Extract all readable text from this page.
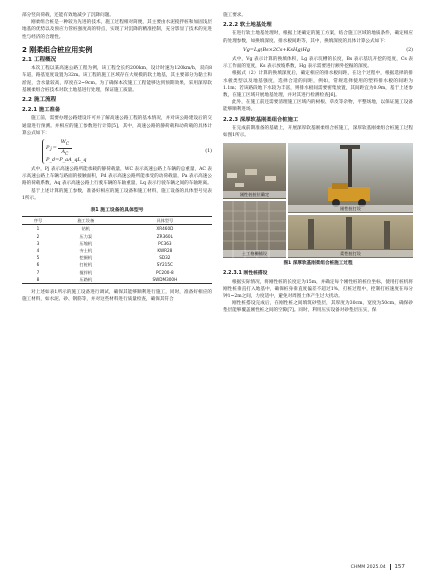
部分竖向荷载，还能有效地减少了沉降问题。

刚柔组合桩是一种较为先进的技术，施工过程相对简便，其主要由水泥搅拌桩和加固浅层地基的优势以及预应力管桩强度高的特点，实现了对沉降的精准控制，充分影显了技术的先进性与经济的合理性。

2 刚柔组合桩应用实例
2.1 工程概况

本次工程以某高速公路工程为例，该工程全长约200km，设计时速为120km/h，双向8车道，路基宽度设置为32m。该工程的施工区域存在大规模的软土地基，其主要部分为黏土和淤泥，含水量较高，厚度在2~9cm。为了确保本次施工工程能够达到预期效果，采用深厚软基刚柔组合桩技术对软土地基进行处理，保证施工质量。

2.2 施工流程
2.2.1 施工准备

施工前，需要办理公路建设许可并了解高速公路工程的基本情况，并对该公路建设后的交通量进行预测。并相应的施工参数进行计算[5]，其中，高速公路的静荷载和动荷载的具体计算公式如下：

P $j = \frac{W_C}{A_C}$
P_d=P_aA_qL_q
(1)

式中，Pj 表示高速公路所能承载的静荷载量，WC 表示高速公路上车辆的总重量，AC 表示高速公路上车辆与路面的接触面积，Pd 表示高速公路所能承受的动荷载量，Pa 表示高速公路的荷载系数，Aq 表示高速公路上行驶车辆的车轴重量，Lq 表示行驶车辆之间的车轴距离。

基于上述计算的施工参数，准备好相应的施工设备和施工材料，施工设备的具体型号见表1所示。

表1 施工设备的具体型号
序号	施工设备	具体型号
1	钻机	XR460D
2	压力泵	ZR360L
3	压缩机	PC363
4	夯土机	KWR28
5	挖掘机	SD32
6	打桩机	SY215C
7	搅拌机	PC200-8
8	压路机	SWDM300H

对上述如表1所示的施工设备进行调试，确保其能够顺利进行施工，同时，准备好相应的施工材料，如水泥、砂、钢筋等，并对这些材料进行质量检查，确保其符合

施工要求。

2.2.2 软土地基处理

在进行软土地基处理时，根据上述确定的施工方案，结合施工区域的地质条件，确定相应的处理参数，如换填深度、排水板间距等，其中，换填深度的具体计算公式如下：

Vg=Lg(Bs×2Cs+KsHg)Hg	(2)

式中，Vg 表示计算的换填体积，Lg 表示坑槽的长度，Bs 表示基坑开挖的宽度，Cs 表示工作面的宽度，Ks 表示放坡系数，Hg 表示需要进行额外挖掘的深度。

根据式（2）计算的换填深度后，确定相应的排水板间距，在这个过程中，根据选择的排水板类型以及地基强度，选择合适的间距，例如，常规选择使用的塑料排水板的间距为1.1m；若该路段地下水较为丰富，则排水板间需要密集放置，其间距宜为0.9m，基于上述参数，在施工区域开展地基处理，并对其进行检测检查[6]。

此外，在施工前还需要清理施工区域内的树根、草皮等杂物，平整场地，以保证施工设备能够顺利进场。

2.2.3 深厚软基刚柔组合桩施工

在完成前期准备的基础上，开展深厚软基刚柔组合桩施工，深厚软基刚柔组合桩施工过程如图1所示。

刚性桩桩位确定
刚性桩打设
土工格栅铺设	柔性桩打设
图1 深厚软基刚柔组合桩施工过程
2.2.3.1 刚性桩搭设

根据实际情况，将刚性桩的长度定为15m，并确定每个刚性桩的桩位坐标，使用打桩机将刚性桩垂直打入地基中，确保桩身垂直度偏差不超过1%，打桩过程中，控制打桩速度在每分钟1~2m之间，力度适中，避免对周围土体产生过大扰动。

刚性桩搭设完成后，在刚性桩之间填筑砂垫层，其厚度为30cm，宽度为50cm，确保砂垫层能够覆盖刚性桩之间的空隙[7]。同时，利用压实设备对砂垫层压实，保

CHMM 2025.04 157
